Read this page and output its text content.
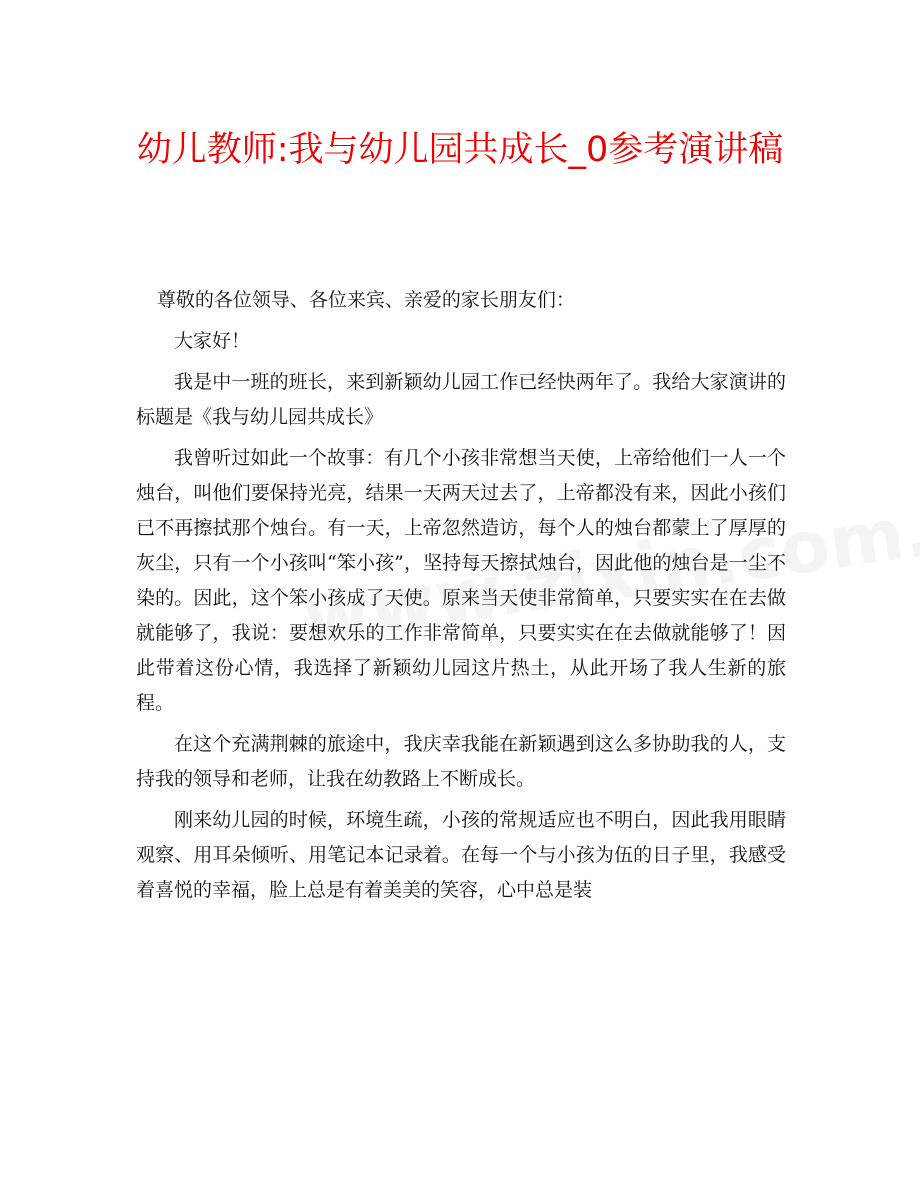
幼儿教师:我与幼儿园共成长_0参考演讲稿

尊敬的各位领导、各位来宾、亲爱的家长朋友们：

大家好！

我是中一班的班长，来到新颖幼儿园工作已经快两年了。我给大家演讲的标题是《我与幼儿园共成长》

我曾听过如此一个故事：有几个小孩非常想当天使，上帝给他们一人一个烛台，叫他们要保持光亮，结果一天两天过去了，上帝都没有来，因此小孩们已不再擦拭那个烛台。有一天，上帝忽然造访，每个人的烛台都蒙上了厚厚的灰尘，只有一个小孩叫“笨小孩”，坚持每天擦拭烛台，因此他的烛台是一尘不染的。因此，这个笨小孩成了天使。原来当天使非常简单，只要实实在在去做就能够了，我说：要想欢乐的工作非常简单，只要实实在在去做就能够了！因此带着这份心情，我选择了新颖幼儿园这片热土，从此开场了我人生新的旅程。

在这个充满荆棘的旅途中，我庆幸我能在新颖遇到这么多协助我的人，支持我的领导和老师，让我在幼教路上不断成长。

刚来幼儿园的时候，环境生疏，小孩的常规适应也不明白，因此我用眼睛观察、用耳朵倾听、用笔记本记录着。在每一个与小孩为伍的日子里，我感受着喜悦的幸福，脸上总是有着美美的笑容，心中总是装
